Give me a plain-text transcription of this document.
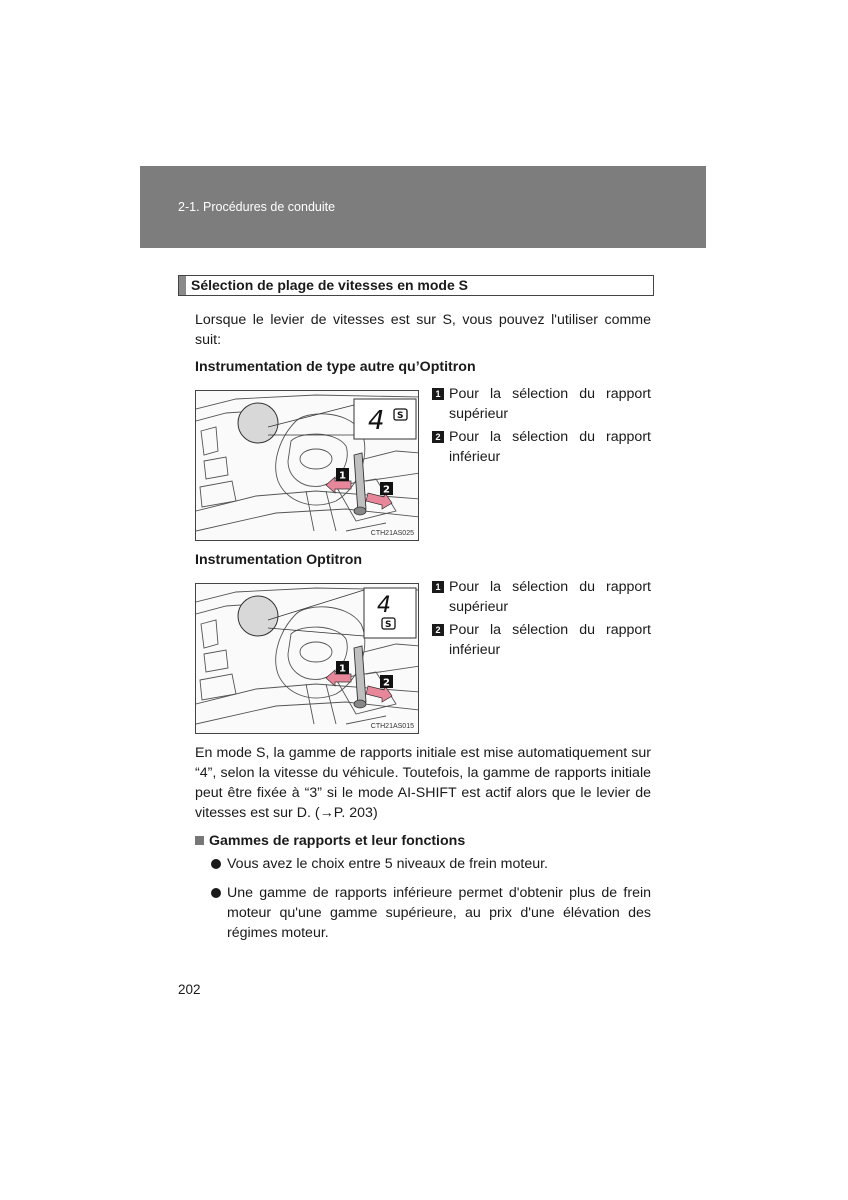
2-1. Procédures de conduite
Sélection de plage de vitesses en mode S
Lorsque le levier de vitesses est sur S, vous pouvez l'utiliser comme suit:
Instrumentation de type autre qu’Optitron
4 S
1
2
CTH21AS025
1 Pour la sélection du rapport supérieur
2 Pour la sélection du rapport inférieur
Instrumentation Optitron
4
S
1
2
CTH21AS015
1 Pour la sélection du rapport supérieur
2 Pour la sélection du rapport inférieur
En mode S, la gamme de rapports initiale est mise automatiquement sur “4”, selon la vitesse du véhicule. Toutefois, la gamme de rapports initiale peut être fixée à “3” si le mode AI-SHIFT est actif alors que le levier de vitesses est sur D. (→P. 203)
Gammes de rapports et leur fonctions
Vous avez le choix entre 5 niveaux de frein moteur.
Une gamme de rapports inférieure permet d'obtenir plus de frein moteur qu'une gamme supérieure, au prix d'une élévation des régimes moteur.
202
